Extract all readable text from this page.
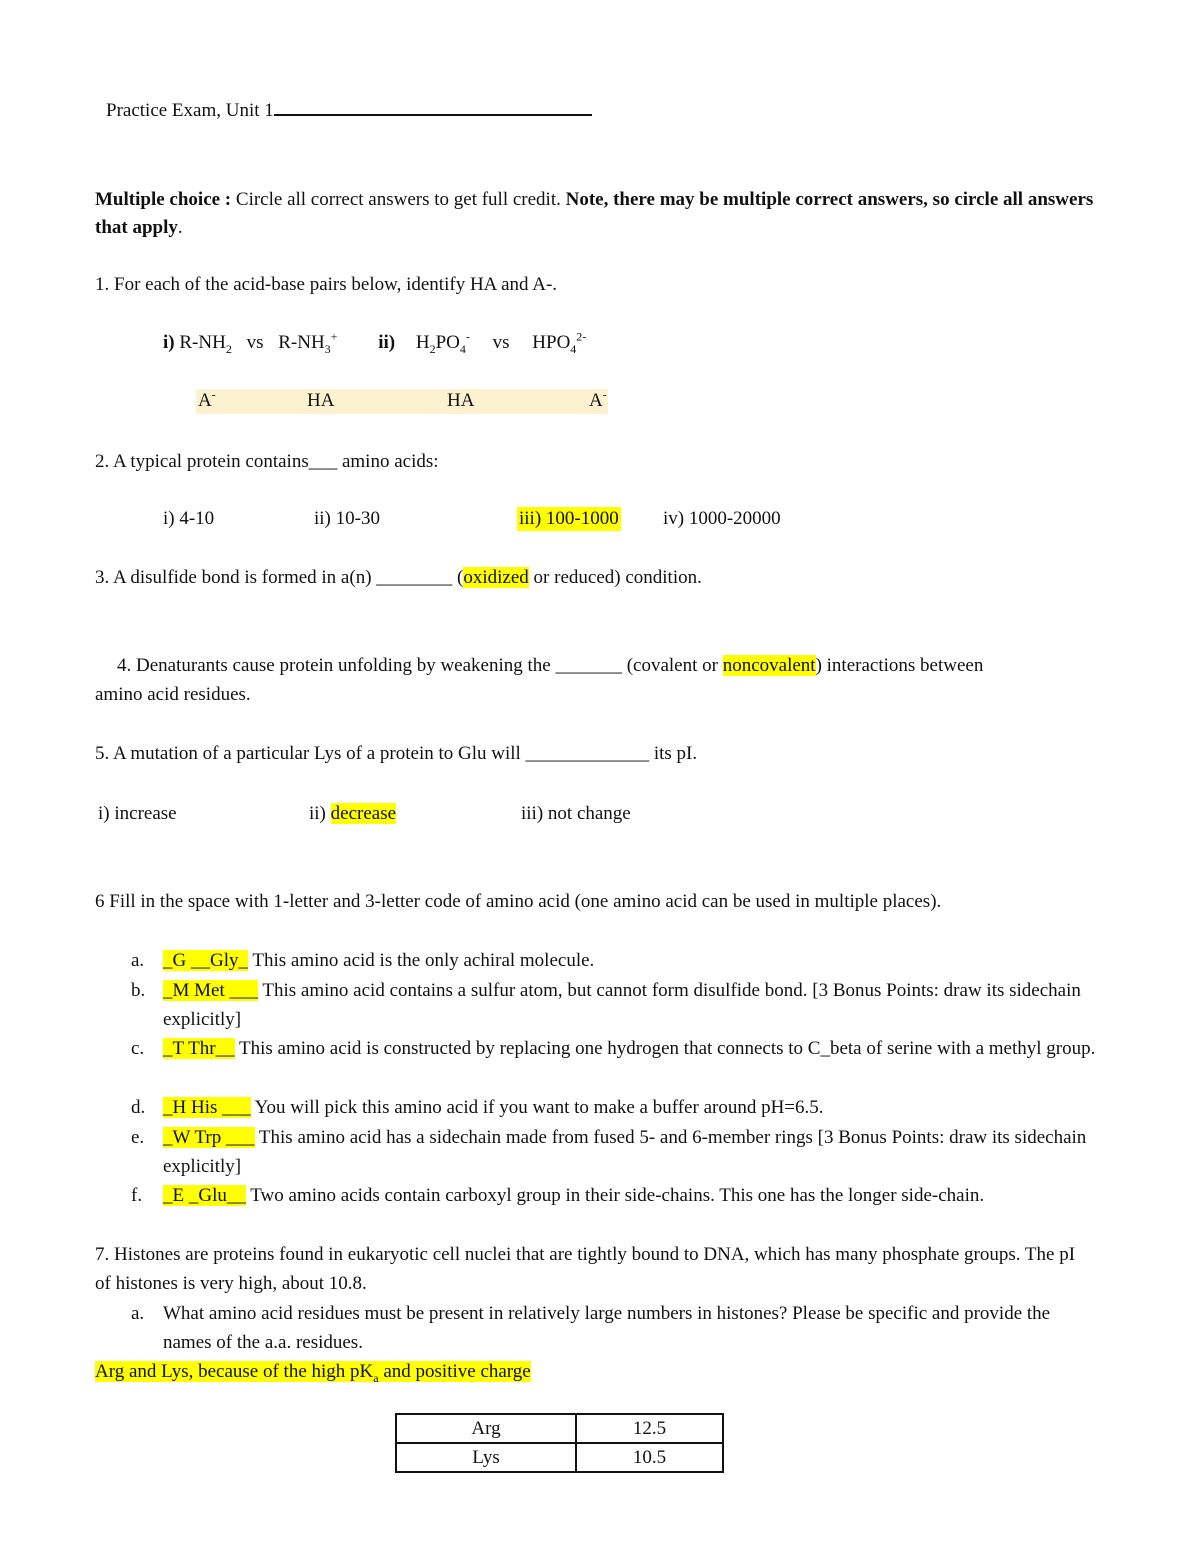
Practice Exam, Unit 1
Multiple choice : Circle all correct answers to get full credit. Note, there may be multiple correct answers, so circle all answers that apply.
1. For each of the acid-base pairs below, identify HA and A-.
i) $R-NH_2$ vs $R-NH_3^+$ ii) $H_2PO_4^-$ vs $HPO_4^{2-}$
A-	HA	HA	A-
2. A typical protein contains___ amino acids:
i) 4-10	ii) 10-30	iii) 100-1000 iv) 1000-20000
3. A disulfide bond is formed in a(n) ________ (oxidized or reduced) condition.
4. Denaturants cause protein unfolding by weakening the _______ (covalent or noncovalent) interactions between
amino acid residues.
5. A mutation of a particular Lys of a protein to Glu will _____________ its pI.
i) increase	ii) decrease	iii) not change
6 Fill in the space with 1-letter and 3-letter code of amino acid (one amino acid can be used in multiple places).
a. _G __Gly_ This amino acid is the only achiral molecule.
b. _M Met ___ This amino acid contains a sulfur atom, but cannot form disulfide bond. [3 Bonus Points: draw its sidechain explicitly]
c. _T Thr__ This amino acid is constructed by replacing one hydrogen that connects to C_beta of serine with a methyl group.
d. _H His ___ You will pick this amino acid if you want to make a buffer around pH=6.5.
e. _W Trp ___ This amino acid has a sidechain made from fused 5- and 6-member rings [3 Bonus Points: draw its sidechain explicitly]
f.	_E _Glu__ Two amino acids contain carboxyl group in their side-chains. This one has the longer side-chain.
7. Histones are proteins found in eukaryotic cell nuclei that are tightly bound to DNA, which has many phosphate groups. The pI of histones is very high, about 10.8.
a. What amino acid residues must be present in relatively large numbers in histones? Please be specific and provide the names of the a.a. residues.
Arg and Lys, because of the high $pK_a$ and positive charge
Arg	12.5
Lys	10.5
